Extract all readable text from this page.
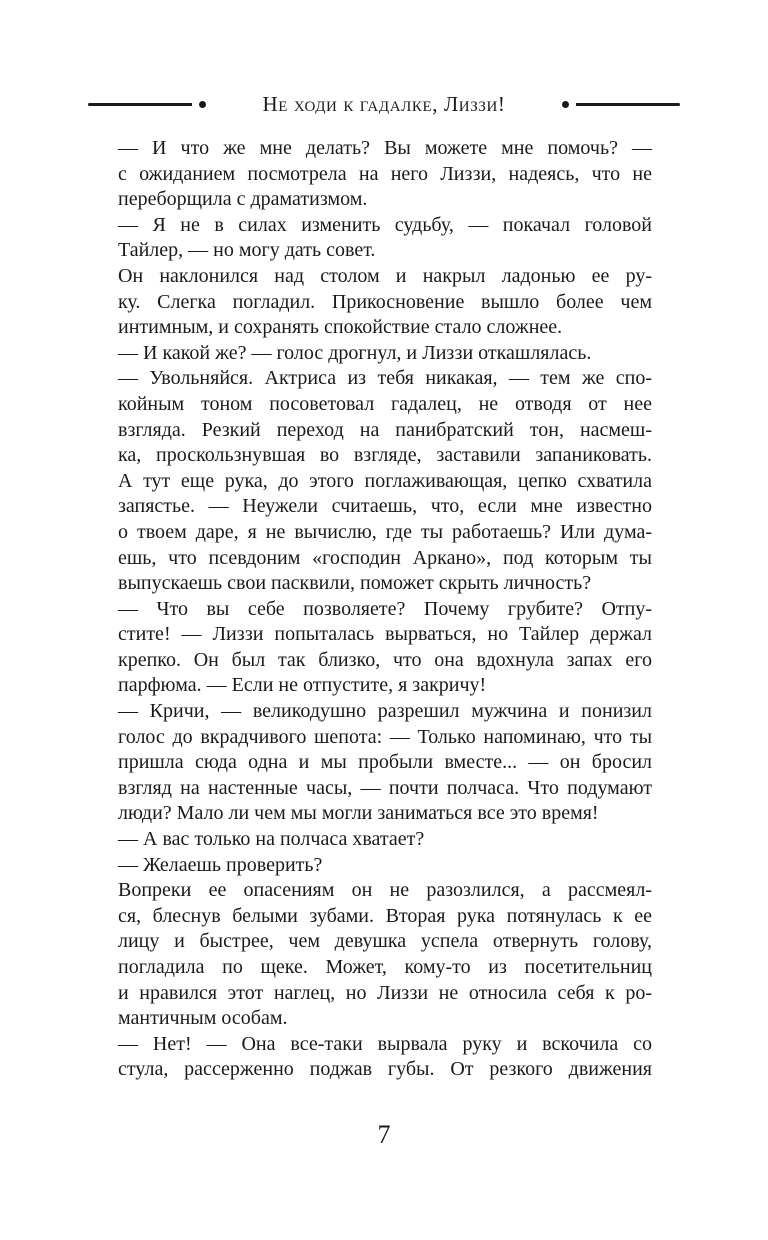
Не ходи к гадалке, Лиззи!
— И что же мне делать? Вы можете мне помочь? —
с ожиданием посмотрела на него Лиззи, надеясь, что не
переборщила с драматизмом.
— Я не в силах изменить судьбу, — покачал головой
Тайлер, — но могу дать совет.
Он наклонился над столом и накрыл ладонью ее ру-
ку. Слегка погладил. Прикосновение вышло более чем
интимным, и сохранять спокойствие стало сложнее.
— И какой же? — голос дрогнул, и Лиззи откашлялась.
— Увольняйся. Актриса из тебя никакая, — тем же спо-
койным тоном посоветовал гадалец, не отводя от нее
взгляда. Резкий переход на панибратский тон, насмеш-
ка, проскользнувшая во взгляде, заставили запаниковать.
А тут еще рука, до этого поглаживающая, цепко схватила
запястье. — Неужели считаешь, что, если мне известно
о твоем даре, я не вычислю, где ты работаешь? Или дума-
ешь, что псевдоним «господин Аркано», под которым ты
выпускаешь свои пасквили, поможет скрыть личность?
— Что вы себе позволяете? Почему грубите? Отпу-
стите! — Лиззи попыталась вырваться, но Тайлер держал
крепко. Он был так близко, что она вдохнула запах его
парфюма. — Если не отпустите, я закричу!
— Кричи, — великодушно разрешил мужчина и понизил
голос до вкрадчивого шепота: — Только напоминаю, что ты
пришла сюда одна и мы пробыли вместе... — он бросил
взгляд на настенные часы, — почти полчаса. Что подумают
люди? Мало ли чем мы могли заниматься все это время!
— А вас только на полчаса хватает?
— Желаешь проверить?
Вопреки ее опасениям он не разозлился, а рассмеял-
ся, блеснув белыми зубами. Вторая рука потянулась к ее
лицу и быстрее, чем девушка успела отвернуть голову,
погладила по щеке. Может, кому-то из посетительниц
и нравился этот наглец, но Лиззи не относила себя к ро-
мантичным особам.
— Нет! — Она все-таки вырвала руку и вскочила со
стула, рассерженно поджав губы. От резкого движения
7
